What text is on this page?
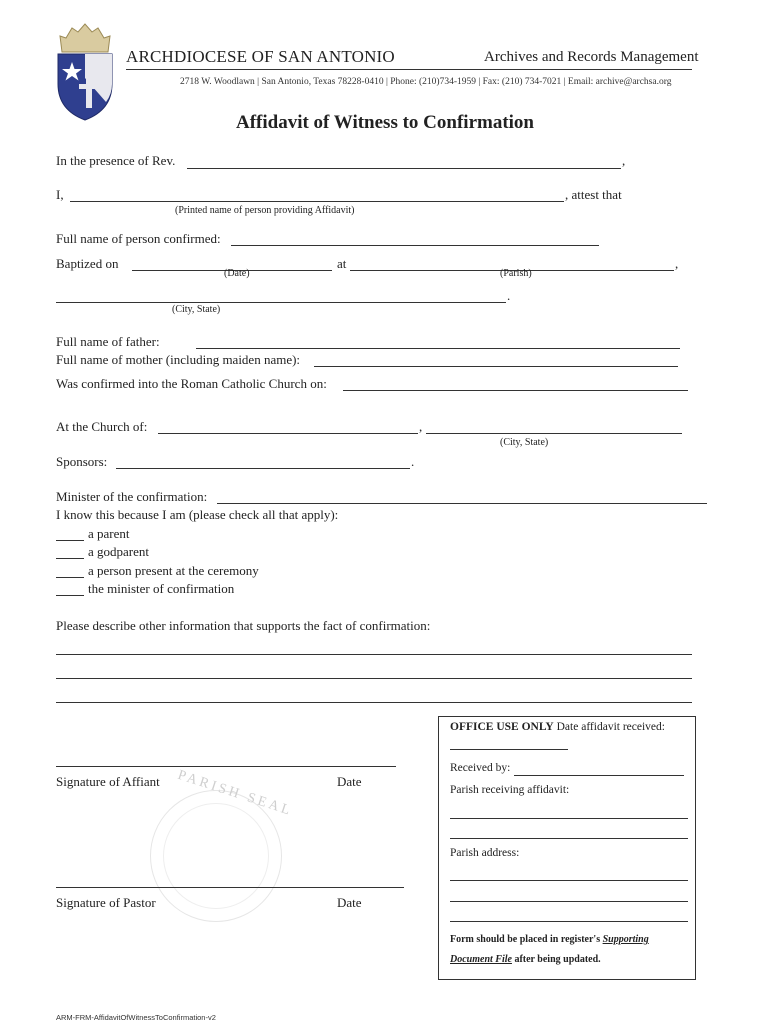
ARCHDIOCESE OF SAN ANTONIO	Archives and Records Management
2718 W. Woodlawn | San Antonio, Texas 78228-0410 | Phone: (210)734-1959 | Fax: (210) 734-7021 | Email: archive@archsa.org
Affidavit of Witness to Confirmation
In the presence of Rev.	,
I,	, attest that
(Printed name of person providing Affidavit)
Full name of person confirmed:
Baptized on	at	,
(Date)	(Parish)
.
(City, State)
Full name of father:
Full name of mother (including maiden name):
Was confirmed into the Roman Catholic Church on:
At the Church of:	,
(City, State)
Sponsors:	.
Minister of the confirmation:
I know this because I am (please check all that apply):
a parent
a godparent
a person present at the ceremony
the minister of confirmation
Please describe other information that supports the fact of confirmation:
PARISH SEAL
Signature of Affiant	Date
Signature of Pastor	Date
OFFICE USE ONLY Date affidavit received:
Received by:
Parish receiving affidavit:
Parish address:
Form should be placed in register's Supporting Document File after being updated.
ARM-FRM-AffidavitOfWitnessToConfirmation-v2
